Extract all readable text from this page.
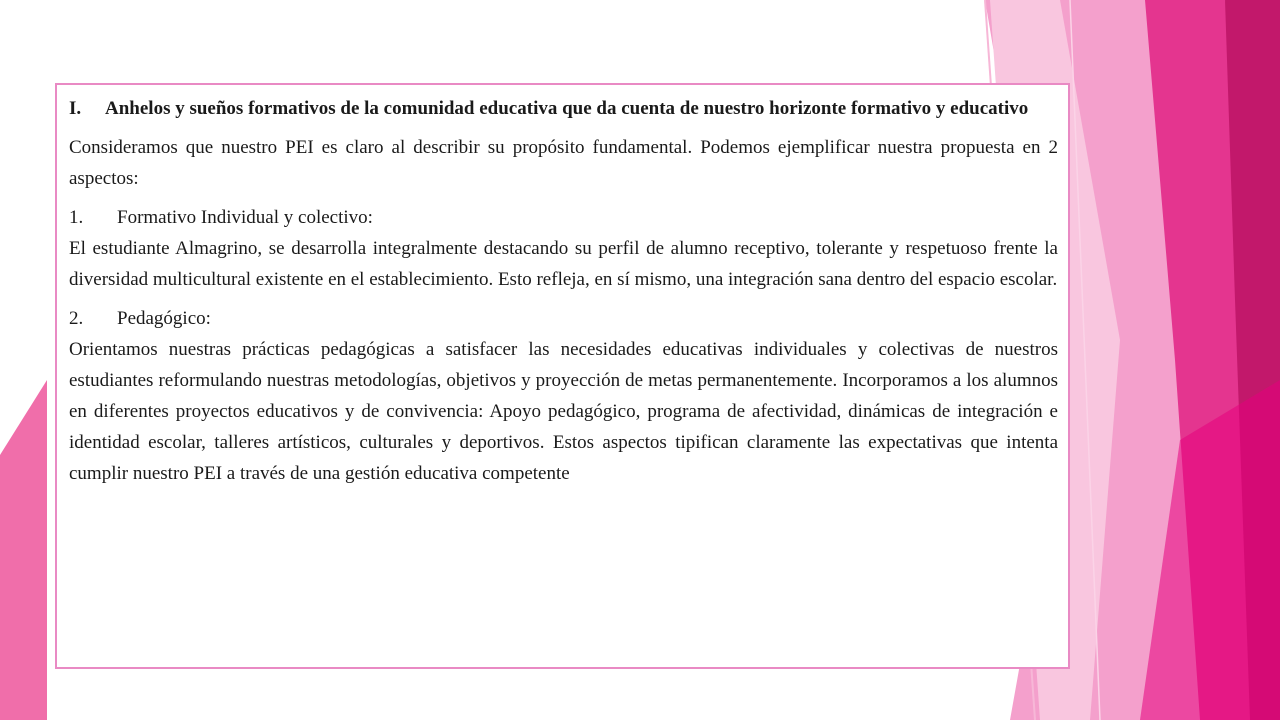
I.	Anhelos y sueños formativos de la comunidad educativa que da cuenta de nuestro horizonte formativo y educativo

Consideramos que nuestro PEI es claro al describir su propósito fundamental. Podemos ejemplificar nuestra propuesta en 2 aspectos:

1.	Formativo Individual y colectivo:

El estudiante Almagrino, se desarrolla integralmente destacando su perfil de alumno receptivo, tolerante y respetuoso frente la diversidad multicultural existente en el establecimiento. Esto refleja, en sí mismo, una integración sana dentro del espacio escolar.

2.	Pedagógico:

Orientamos nuestras prácticas pedagógicas a satisfacer las necesidades educativas individuales y colectivas de nuestros estudiantes reformulando nuestras metodologías, objetivos y proyección de metas permanentemente. Incorporamos a los alumnos en diferentes proyectos educativos y de convivencia: Apoyo pedagógico, programa de afectividad, dinámicas de integración e identidad escolar, talleres artísticos, culturales y deportivos. Estos aspectos tipifican claramente las expectativas que intenta cumplir nuestro PEI a través de una gestión educativa competente
